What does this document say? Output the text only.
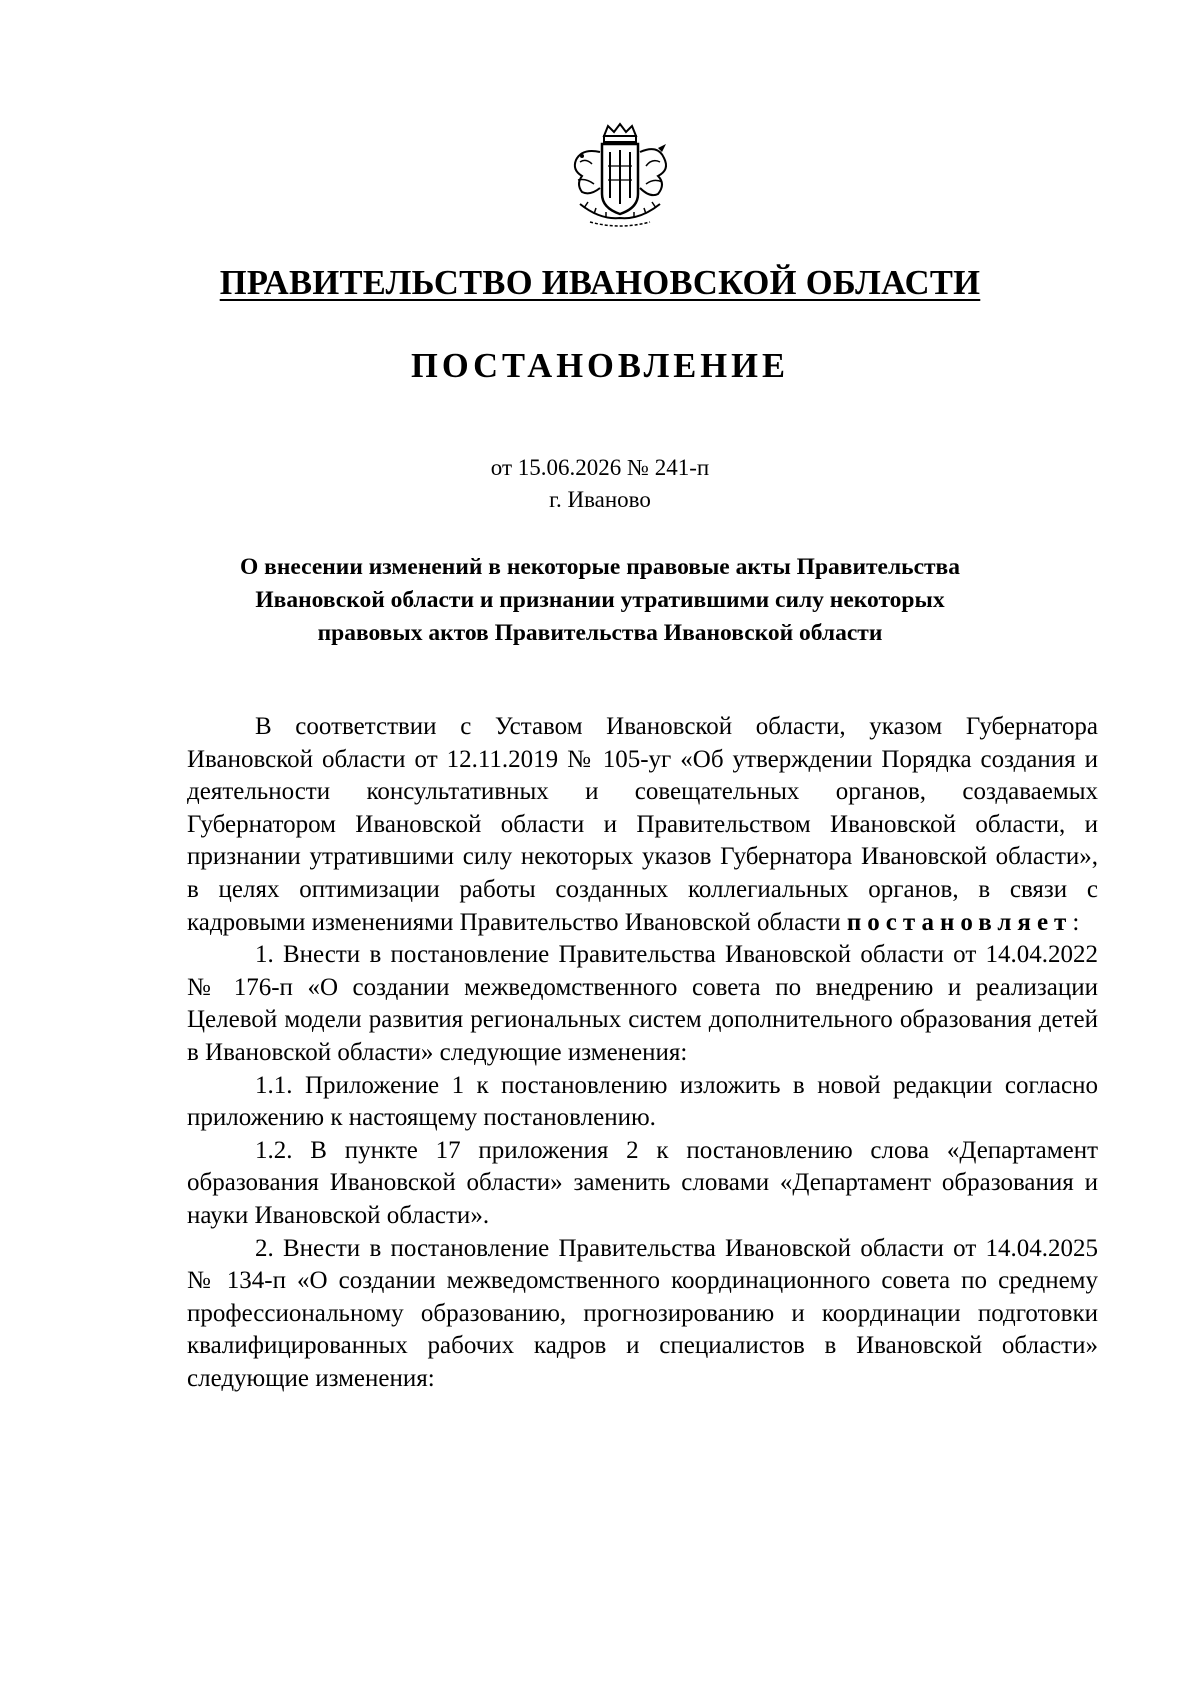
ПРАВИТЕЛЬСТВО ИВАНОВСКОЙ ОБЛАСТИ
ПОСТАНОВЛЕНИЕ
от 15.06.2026 № 241-п
г. Иваново
О внесении изменений в некоторые правовые акты Правительства
Ивановской области и признании утратившими силу некоторых
правовых актов Правительства Ивановской области

В соответствии с Уставом Ивановской области, указом Губернатора Ивановской области от 12.11.2019 № 105-уг «Об утверждении Порядка создания и деятельности консультативных и совещательных органов, создаваемых Губернатором Ивановской области и Правительством Ивановской области, и признании утратившими силу некоторых указов Губернатора Ивановской области», в целях оптимизации работы созданных коллегиальных органов, в связи с кадровыми изменениями Правительство Ивановской области постановляет:

1. Внести в постановление Правительства Ивановской области от 14.04.2022 № 176-п «О создании межведомственного совета по внедрению и реализации Целевой модели развития региональных систем дополнительного образования детей в Ивановской области» следующие изменения:

1.1. Приложение 1 к постановлению изложить в новой редакции согласно приложению к настоящему постановлению.

1.2. В пункте 17 приложения 2 к постановлению слова «Департамент образования Ивановской области» заменить словами «Департамент образования и науки Ивановской области».

2. Внести в постановление Правительства Ивановской области от 14.04.2025 № 134-п «О создании межведомственного координационного совета по среднему профессиональному образованию, прогнозированию и координации подготовки квалифицированных рабочих кадров и специалистов в Ивановской области» следующие изменения:
